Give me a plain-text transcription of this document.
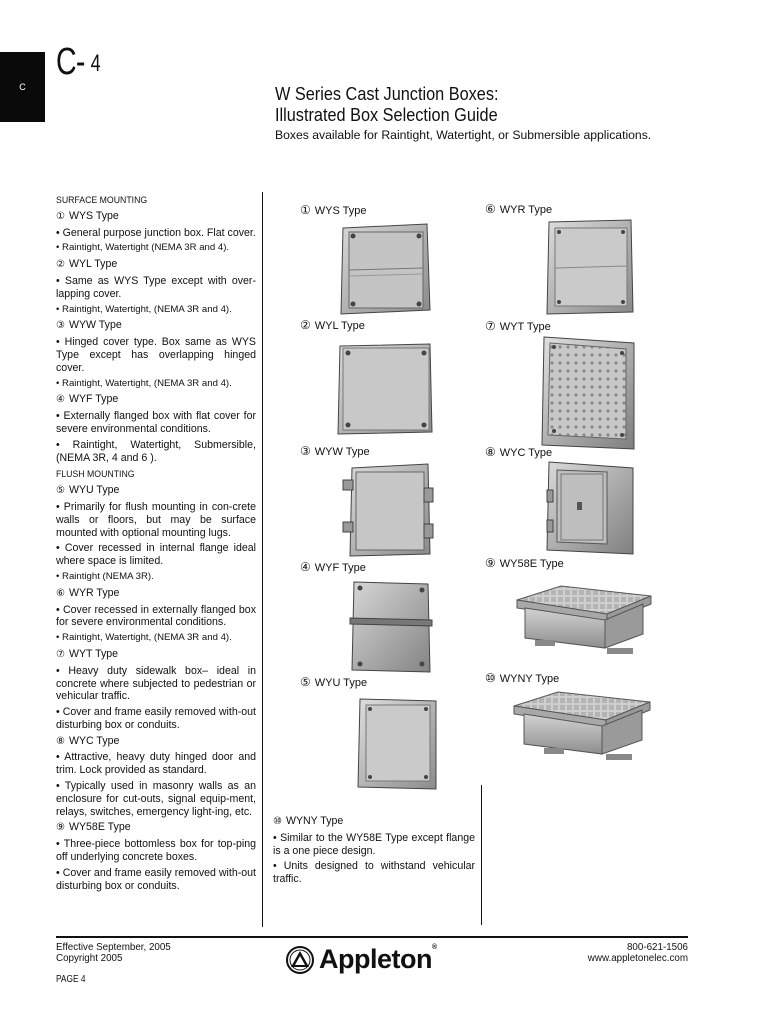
C
C- 4
W Series Cast Junction Boxes:
Illustrated Box Selection Guide
Boxes available for Raintight, Watertight, or Submersible applications.
SURFACE MOUNTING
① WYS Type

• General purpose junction box. Flat cover.

• Raintight, Watertight (NEMA 3R and 4).

② WYL Type

• Same as WYS Type except with over-lapping cover.

• Raintight, Watertight, (NEMA 3R and 4).

③ WYW Type

• Hinged cover type. Box same as WYS Type except has overlapping hinged cover.

• Raintight, Watertight, (NEMA 3R and 4).

④ WYF Type

• Externally flanged box with flat cover for severe environmental conditions.

• Raintight, Watertight, Submersible, (NEMA 3R, 4 and 6 ).

FLUSH MOUNTING
⑤ WYU Type

• Primarily for flush mounting in con-crete walls or floors, but may be surface mounted with optional mounting lugs.

• Cover recessed in internal flange ideal where space is limited.

• Raintight (NEMA 3R).

⑥ WYR Type

• Cover recessed in externally flanged box for severe environmental conditions.

• Raintight, Watertight, (NEMA 3R and 4).

⑦ WYT Type

• Heavy duty sidewalk box– ideal in concrete where subjected to pedestrian or vehicular traffic.

• Cover and frame easily removed with-out disturbing box or conduits.

⑧ WYC Type

• Attractive, heavy duty hinged door and trim. Lock provided as standard.

• Typically used in masonry walls as an enclosure for cut-outs, signal equip-ment, relays, switches, emergency light-ing, etc.

⑨ WY58E Type

• Three-piece bottomless box for top-ping off underlying concrete boxes.

• Cover and frame easily removed with-out disturbing box or conduits.

① WYS Type
② WYL Type
③ WYW Type
④ WYF Type
⑤ WYU Type
⑥ WYR Type
⑦ WYT Type
⑧ WYC Type
⑨ WY58E Type
⑩ WYNY Type
⑩ WYNY Type

• Similar to the WY58E Type except flange is a one piece design.

• Units designed to withstand vehicular traffic.

Effective September, 2005
Copyright 2005
PAGE 4
Appleton®	800-621-1506
www.appletonelec.com
